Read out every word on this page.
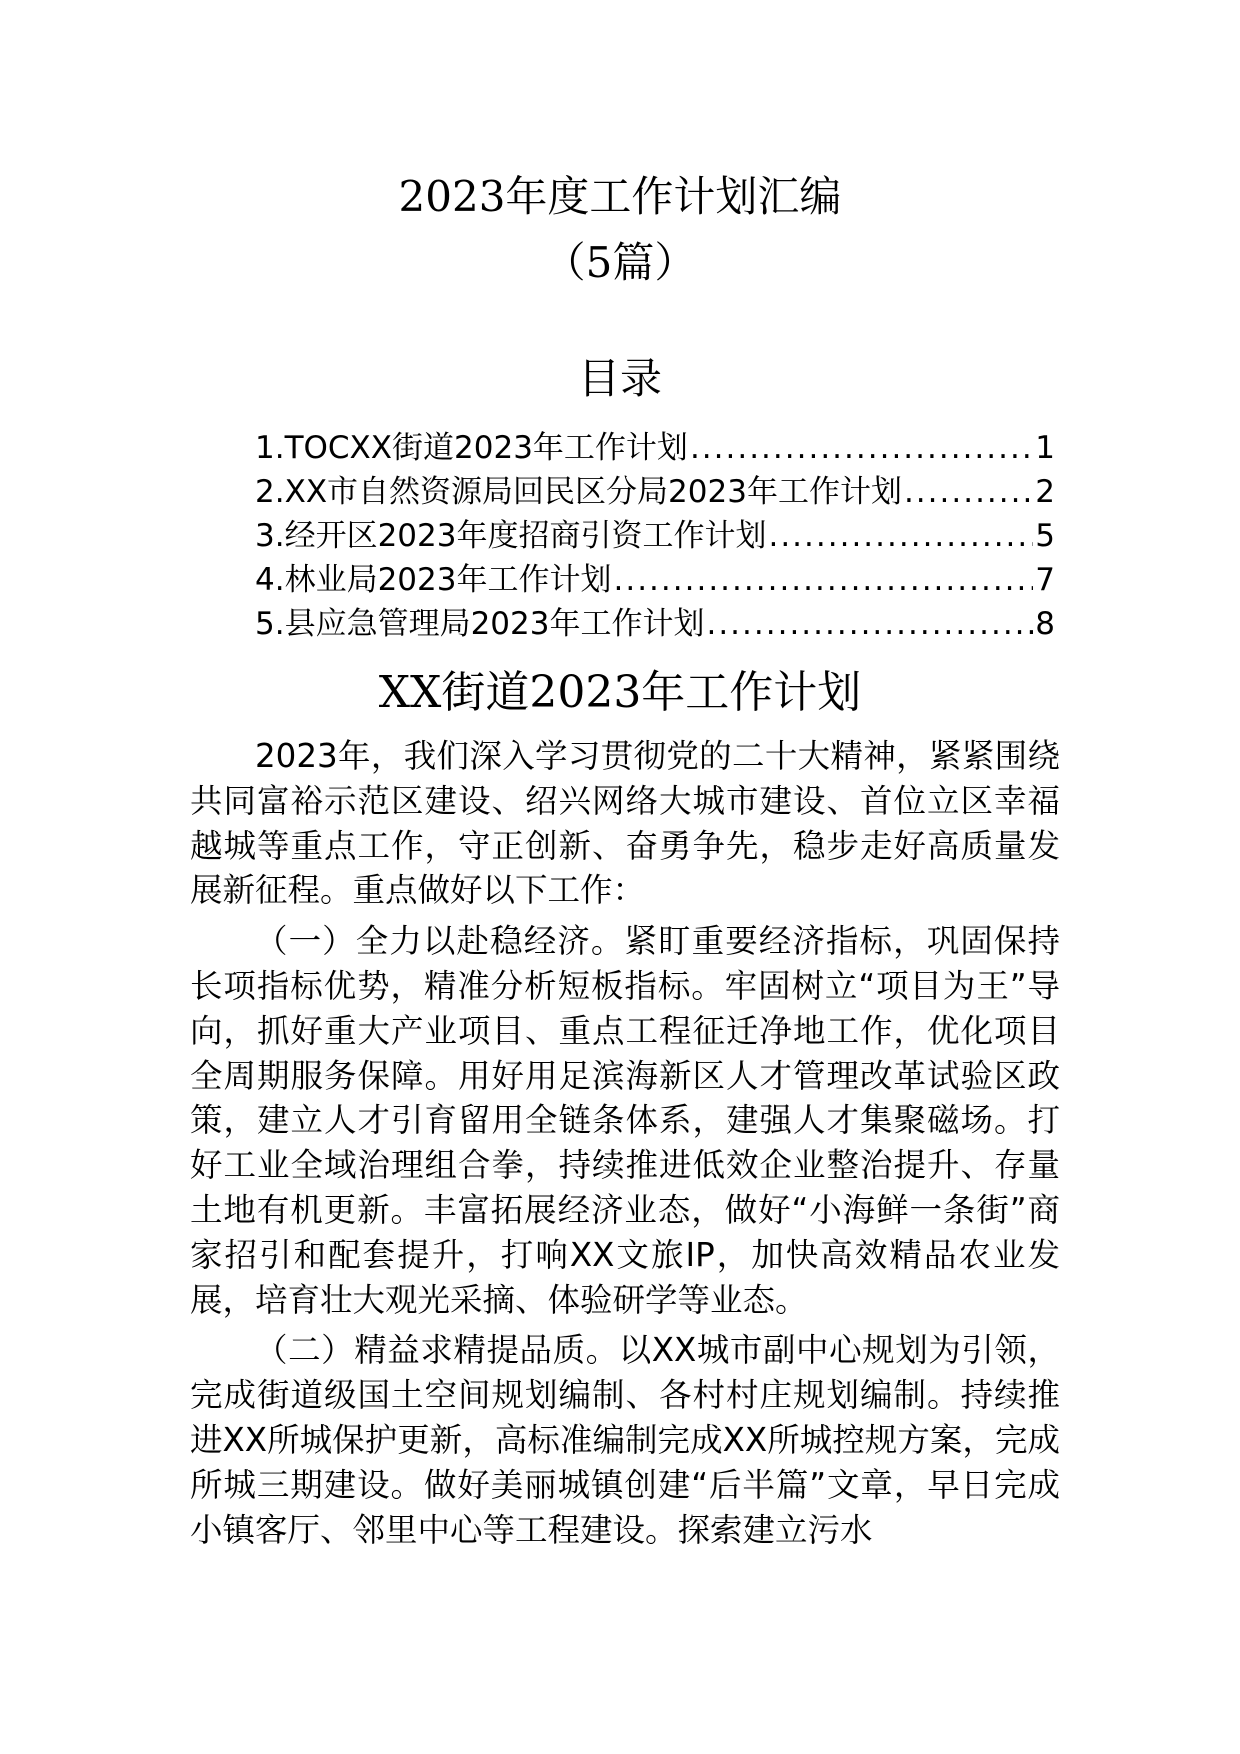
2023年度工作计划汇编
（5篇）
目录
1.TOCXX街道2023年工作计划 .....	1
2.XX市自然资源局回民区分局2023年工作计划 .....	2
3.经开区2023年度招商引资工作计划 .....	5
4.林业局2023年工作计划 .....	7
5.县应急管理局2023年工作计划 .....	8
XX街道2023年工作计划

2023年，我们深入学习贯彻党的二十大精神，紧紧围绕共同富裕示范区建设、绍兴网络大城市建设、首位立区幸福越城等重点工作，守正创新、奋勇争先，稳步走好高质量发展新征程。重点做好以下工作：

（一）全力以赴稳经济。紧盯重要经济指标，巩固保持长项指标优势，精准分析短板指标。牢固树立“项目为王”导向，抓好重大产业项目、重点工程征迁净地工作，优化项目全周期服务保障。用好用足滨海新区人才管理改革试验区政策，建立人才引育留用全链条体系，建强人才集聚磁场。打好工业全域治理组合拳，持续推进低效企业整治提升、存量土地有机更新。丰富拓展经济业态，做好“小海鲜一条街”商家招引和配套提升，打响XX文旅IP，加快高效精品农业发展，培育壮大观光采摘、体验研学等业态。

（二）精益求精提品质。以XX城市副中心规划为引领，完成街道级国土空间规划编制、各村村庄规划编制。持续推进XX所城保护更新，高标准编制完成XX所城控规方案，完成所城三期建设。做好美丽城镇创建“后半篇”文章，早日完成小镇客厅、邻里中心等工程建设。探索建立污水
